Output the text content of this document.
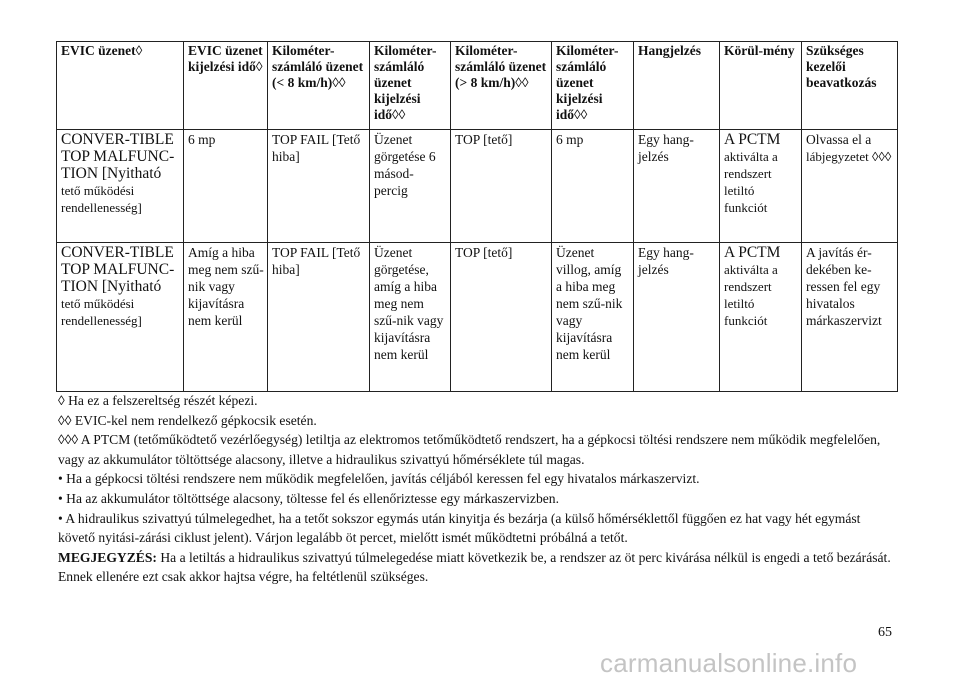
EVIC üzenet◊	EVIC üzenet kijelzési idő◊	Kilométer-számláló üzenet (< 8 km/h)◊◊	Kilométer-számláló üzenet kijelzési idő◊◊	Kilométer-számláló üzenet (> 8 km/h)◊◊	Kilométer-számláló üzenet kijelzési idő◊◊	Hangjelzés	Körül-mény	Szükséges kezelői beavatkozás
CONVER-TIBLE TOP MALFUNC-TION [Nyitható
tető működési rendellenesség]	6 mp	TOP FAIL [Tető hiba]	Üzenet görgetése 6 másod-percig	TOP [tető]	6 mp	Egy hang-jelzés	A PCTM
aktiválta a rendszert letiltó funkciót	Olvassa el a
lábjegyzetet ◊◊◊

CONVER-TIBLE TOP MALFUNC-TION [Nyitható
tető működési rendellenesség]	Amíg a hiba meg nem szű-nik vagy kijavításra nem kerül	TOP FAIL [Tető hiba]	Üzenet görgetése, amíg a hiba meg nem szű-nik vagy kijavításra nem kerül	TOP [tető]	Üzenet villog, amíg a hiba meg nem szű-nik vagy kijavításra nem kerül	Egy hang-jelzés	A PCTM
aktiválta a rendszert letiltó funkciót	A javítás ér-dekében ke-ressen fel egy hivatalos márkaszervizt

◊ Ha ez a felszereltség részét képezi.

◊◊ EVIC-kel nem rendelkező gépkocsik esetén.

◊◊◊ A PTCM (tetőműködtető vezérlőegység) letiltja az elektromos tetőműködtető rendszert, ha a gépkocsi töltési rendszere nem működik megfelelően, vagy az akkumulátor töltöttsége alacsony, illetve a hidraulikus szivattyú hőmérséklete túl magas.

• Ha a gépkocsi töltési rendszere nem működik megfelelően, javítás céljából keressen fel egy hivatalos márkaszervizt.

• Ha az akkumulátor töltöttsége alacsony, töltesse fel és ellenőriztesse egy márkaszervizben.

• A hidraulikus szivattyú túlmelegedhet, ha a tetőt sokszor egymás után kinyitja és bezárja (a külső hőmérséklettől függően ez hat vagy hét egymást követő nyitási-zárási ciklust jelent). Várjon legalább öt percet, mielőtt ismét működtetni próbálná a tetőt.

MEGJEGYZÉS: Ha a letiltás a hidraulikus szivattyú túlmelegedése miatt következik be, a rendszer az öt perc kivárása nélkül is engedi a tető bezárását. Ennek ellenére ezt csak akkor hajtsa végre, ha feltétlenül szükséges.

65
carmanualsonline.info
